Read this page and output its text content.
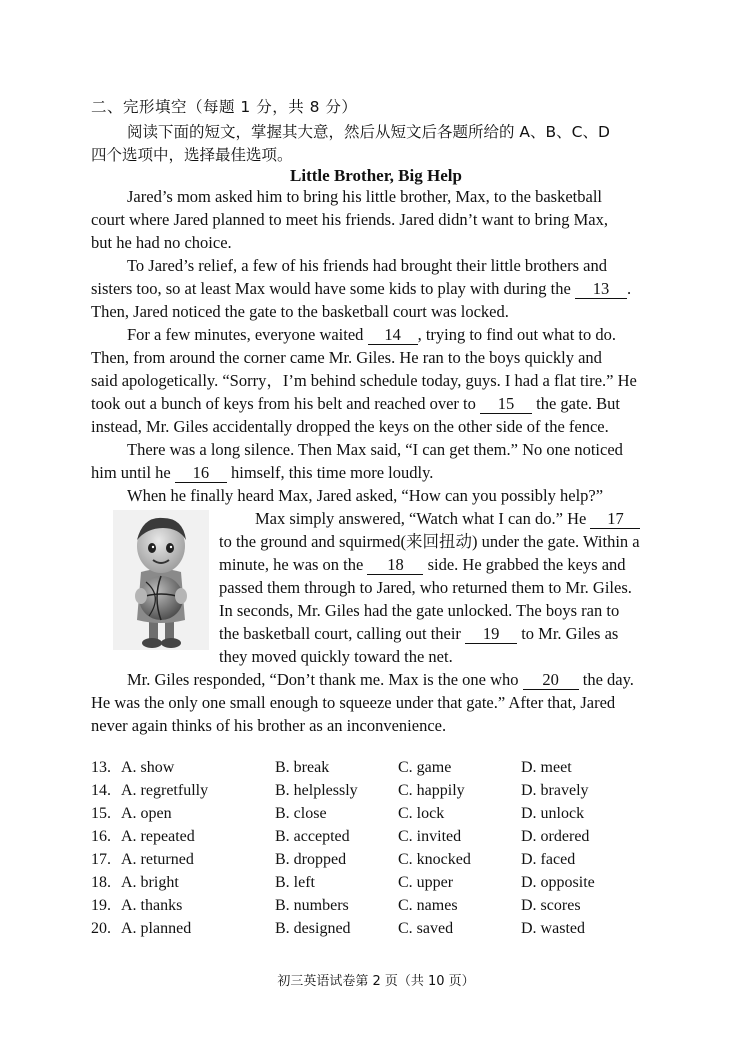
二、完形填空（每题 1 分，共 8 分）
阅读下面的短文，掌握其大意，然后从短文后各题所给的 A、B、C、D
四个选项中，选择最佳选项。
Little Brother, Big Help
Jared’s mom asked him to bring his little brother, Max, to the basketball
court where Jared planned to meet his friends. Jared didn’t want to bring Max,
but he had no choice.
To Jared’s relief, a few of his friends had brought their little brothers and
sisters too, so at least Max would have some kids to play with during the 13 .
Then, Jared noticed the gate to the basketball court was locked.
For a few minutes, everyone waited 14 , trying to find out what to do.
Then, from around the corner came Mr. Giles. He ran to the boys quickly and
said apologetically. “Sorry，I’m behind schedule today, guys. I had a flat tire.” He
took out a bunch of keys from his belt and reached over to 15 the gate. But
instead, Mr. Giles accidentally dropped the keys on the other side of the fence.
There was a long silence. Then Max said, “I can get them.” No one noticed
him until he 16 himself, this time more loudly.
When he finally heard Max, Jared asked, “How can you possibly help?”
Max simply answered, “Watch what I can do.” He 17
to the ground and squirmed(来回扭动) under the gate. Within a
minute, he was on the 18 side. He grabbed the keys and
passed them through to Jared, who returned them to Mr. Giles.
In seconds, Mr. Giles had the gate unlocked. The boys ran to
the basketball court, calling out their 19 to Mr. Giles as
they moved quickly toward the net.
Mr. Giles responded, “Don’t thank me. Max is the one who 20 the day.
He was the only one small enough to squeeze under that gate.” After that, Jared
never again thinks of his brother as an inconvenience.
13. A. show	B. break	C. game	D. meet
14. A. regretfully	B. helplessly	C. happily	D. bravely
15. A. open	B. close	C. lock	D. unlock
16. A. repeated	B. accepted	C. invited	D. ordered
17. A. returned	B. dropped	C. knocked	D. faced
18. A. bright	B. left	C. upper	D. opposite
19. A. thanks	B. numbers	C. names	D. scores
20. A. planned	B. designed	C. saved	D. wasted
初三英语试卷第 2 页（共 10 页）
